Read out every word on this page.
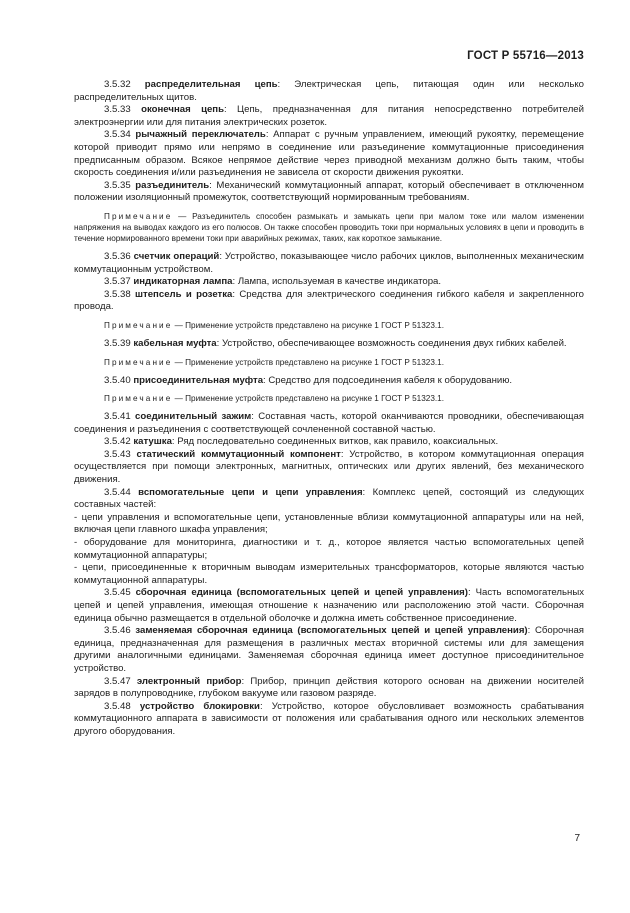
ГОСТ Р 55716—2013

3.5.32 распределительная цепь: Электрическая цепь, питающая один или несколько распределительных щитов.

3.5.33 оконечная цепь: Цепь, предназначенная для питания непосредственно потребителей электроэнергии или для питания электрических розеток.

3.5.34 рычажный переключатель: Аппарат с ручным управлением, имеющий рукоятку, перемещение которой приводит прямо или непрямо в соединение или разъединение коммутационные присоединения предписанным образом. Всякое непрямое действие через приводной механизм должно быть таким, чтобы скорость соединения и/или разъединения не зависела от скорости движения рукоятки.

3.5.35 разъединитель: Механический коммутационный аппарат, который обеспечивает в отключенном положении изоляционный промежуток, соответствующий нормированным требованиям.

Примечание — Разъединитель способен размыкать и замыкать цепи при малом токе или малом изменении напряжения на выводах каждого из его полюсов. Он также способен проводить токи при нормальных условиях в цепи и проводить в течение нормированного времени токи при аварийных режимах, таких, как короткое замыкание.

3.5.36 счетчик операций: Устройство, показывающее число рабочих циклов, выполненных механическим коммутационным устройством.

3.5.37 индикаторная лампа: Лампа, используемая в качестве индикатора.

3.5.38 штепсель и розетка: Средства для электрического соединения гибкого кабеля и закрепленного провода.

Примечание — Применение устройств представлено на рисунке 1 ГОСТ Р 51323.1.

3.5.39 кабельная муфта: Устройство, обеспечивающее возможность соединения двух гибких кабелей.

Примечание — Применение устройств представлено на рисунке 1 ГОСТ Р 51323.1.

3.5.40 присоединительная муфта: Средство для подсоединения кабеля к оборудованию.

Примечание — Применение устройств представлено на рисунке 1 ГОСТ Р 51323.1.

3.5.41 соединительный зажим: Составная часть, которой оканчиваются проводники, обеспечивающая соединения и разъединения с соответствующей сочлененной составной частью.

3.5.42 катушка: Ряд последовательно соединенных витков, как правило, коаксиальных.

3.5.43 статический коммутационный компонент: Устройство, в котором коммутационная операция осуществляется при помощи электронных, магнитных, оптических или других явлений, без механического движения.

3.5.44 вспомогательные цепи и цепи управления: Комплекс цепей, состоящий из следующих составных частей:

- цепи управления и вспомогательные цепи, установленные вблизи коммутационной аппаратуры или на ней, включая цепи главного шкафа управления;

- оборудование для мониторинга, диагностики и т. д., которое является частью вспомогательных цепей коммутационной аппаратуры;

- цепи, присоединенные к вторичным выводам измерительных трансформаторов, которые являются частью коммутационной аппаратуры.

3.5.45 сборочная единица (вспомогательных цепей и цепей управления): Часть вспомогательных цепей и цепей управления, имеющая отношение к назначению или расположению этой части. Сборочная единица обычно размещается в отдельной оболочке и должна иметь собственное присоединение.

3.5.46 заменяемая сборочная единица (вспомогательных цепей и цепей управления): Сборочная единица, предназначенная для размещения в различных местах вторичной системы или для замещения другими аналогичными единицами. Заменяемая сборочная единица имеет доступное присоединительное устройство.

3.5.47 электронный прибор: Прибор, принцип действия которого основан на движении носителей зарядов в полупроводнике, глубоком вакууме или газовом разряде.

3.5.48 устройство блокировки: Устройство, которое обусловливает возможность срабатывания коммутационного аппарата в зависимости от положения или срабатывания одного или нескольких элементов другого оборудования.

7
